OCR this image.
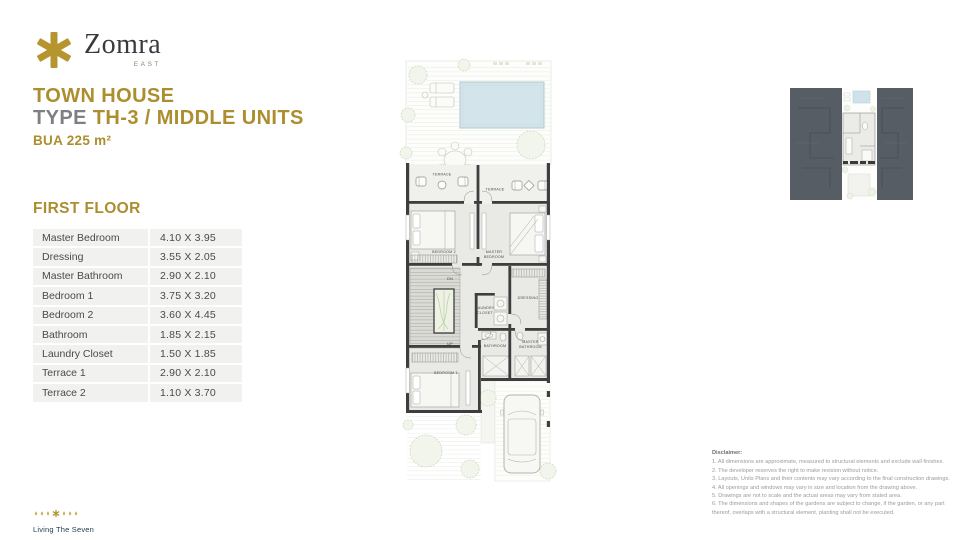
Zomra
EAST
TOWN HOUSE
TYPE TH-3 / MIDDLE UNITS
BUA 225 m²
FIRST FLOOR
Master Bedroom	4.10 X 3.95
Dressing	3.55 X 2.05
Master Bathroom	2.90 X 2.10
Bedroom 1	3.75 X 3.20
Bedroom 2	3.60 X 4.45
Bathroom	1.85 X 2.15
Laundry Closet	1.50 X 1.85
Terrace 1	2.90 X 2.10
Terrace 2	1.10 X 3.70
TERRACE
TERRACE
BEDROOM 2	MASTER
BEDROOM
DN
UP
LAUNDRY
CLOSET
DRESSING
BATHROOM
MASTER
BATHROOM
BEDROOM 1
Disclaimer:
1. All dimensions are approximate, measured to structural elements and exclude wall finishes.
2. The developer reserves the right to make revision without notice.
3. Layouts, Units Plans and their contents may vary according to the final construction drawings.
4. All openings and windows may vary in size and location from the drawing above.
5. Drawings are not to scale and the actual areas may vary from stated area.
6. The dimensions and shapes of the gardens are subject to change, if the garden, or any part thereof, overlaps with a structural element, planting shall not be executed.
Living The Seven
